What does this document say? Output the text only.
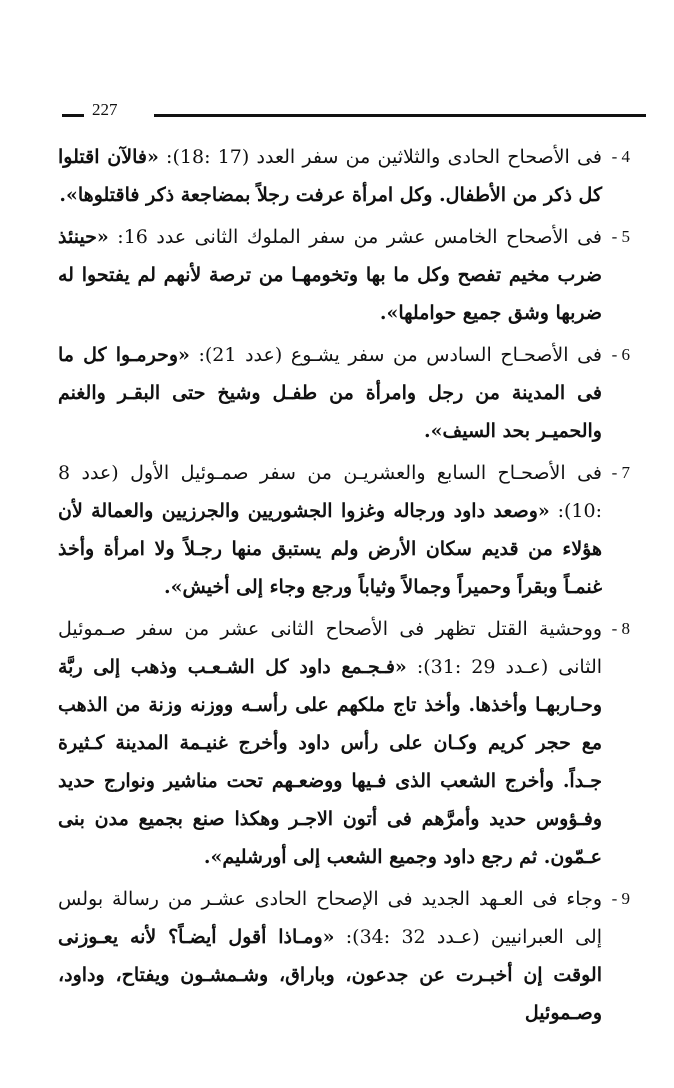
227
4 -
فى الأصحاح الحادى والثلاثين من سفر العدد (17 :18): «فالآن اقتلوا كل ذكر من الأطفال. وكل امرأة عرفت رجلاً بمضاجعة ذكر فاقتلوها».
5 -
فى الأصحاح الخامس عشر من سفر الملوك الثانى عدد 16: «حينئذ ضرب مخيم تفصح وكل ما بها وتخومهـا من ترصة لأنهم لم يفتحوا له ضربها وشق جميع حواملها».
6 -
فى الأصحـاح السادس من سفر يشـوع (عدد 21): «وحرمـوا كل ما فى المدينة من رجل وامرأة من طفـل وشيخ حتى البقـر والغنم والحميـر بحد السيف».
7 -
فى الأصحـاح السابع والعشريـن من سفر صمـوئيل الأول (عدد 8 :10): «وصعد داود ورجاله وغزوا الجشوريين والجرزيين والعمالة لأن هؤلاء من قديم سكان الأرض ولم يستبق منها رجـلاً ولا امرأة وأخذ غنمـاً وبقراً وحميراً وجمالاً وثياباً ورجع وجاء إلى أخيش».
8 -
ووحشية القتل تظهر فى الأصحاح الثانى عشر من سفر صـموئيل الثانى (عـدد 29 :31): «فـجـمع داود كل الشـعـب وذهب إلى ربَّة وحـاربهـا وأخذها. وأخذ تاج ملكهم على رأسـه ووزنه وزنة من الذهب مع حجر كريم وكـان على رأس داود وأخرج غنيـمة المدينة كـثيرة جـداً. وأخرج الشعب الذى فـيها ووضعـهم تحت مناشير ونوارج حديد وفـؤوس حديد وأمرَّهم فى أتون الاجـر وهكذا صنع بجميع مدن بنى عـمّون. ثم رجع داود وجميع الشعب إلى أورشليم».
9 -
وجاء فى العـهد الجديد فى الإصحاح الحادى عشـر من رسالة بولس إلى العبرانيين (عـدد 32 :34): «ومـاذا أقول أيضـاً؟ لأنه يعـوزنى الوقت إن أخبـرت عن جدعون، وباراق، وشـمشـون ويفتاح، وداود، وصـموئيل
